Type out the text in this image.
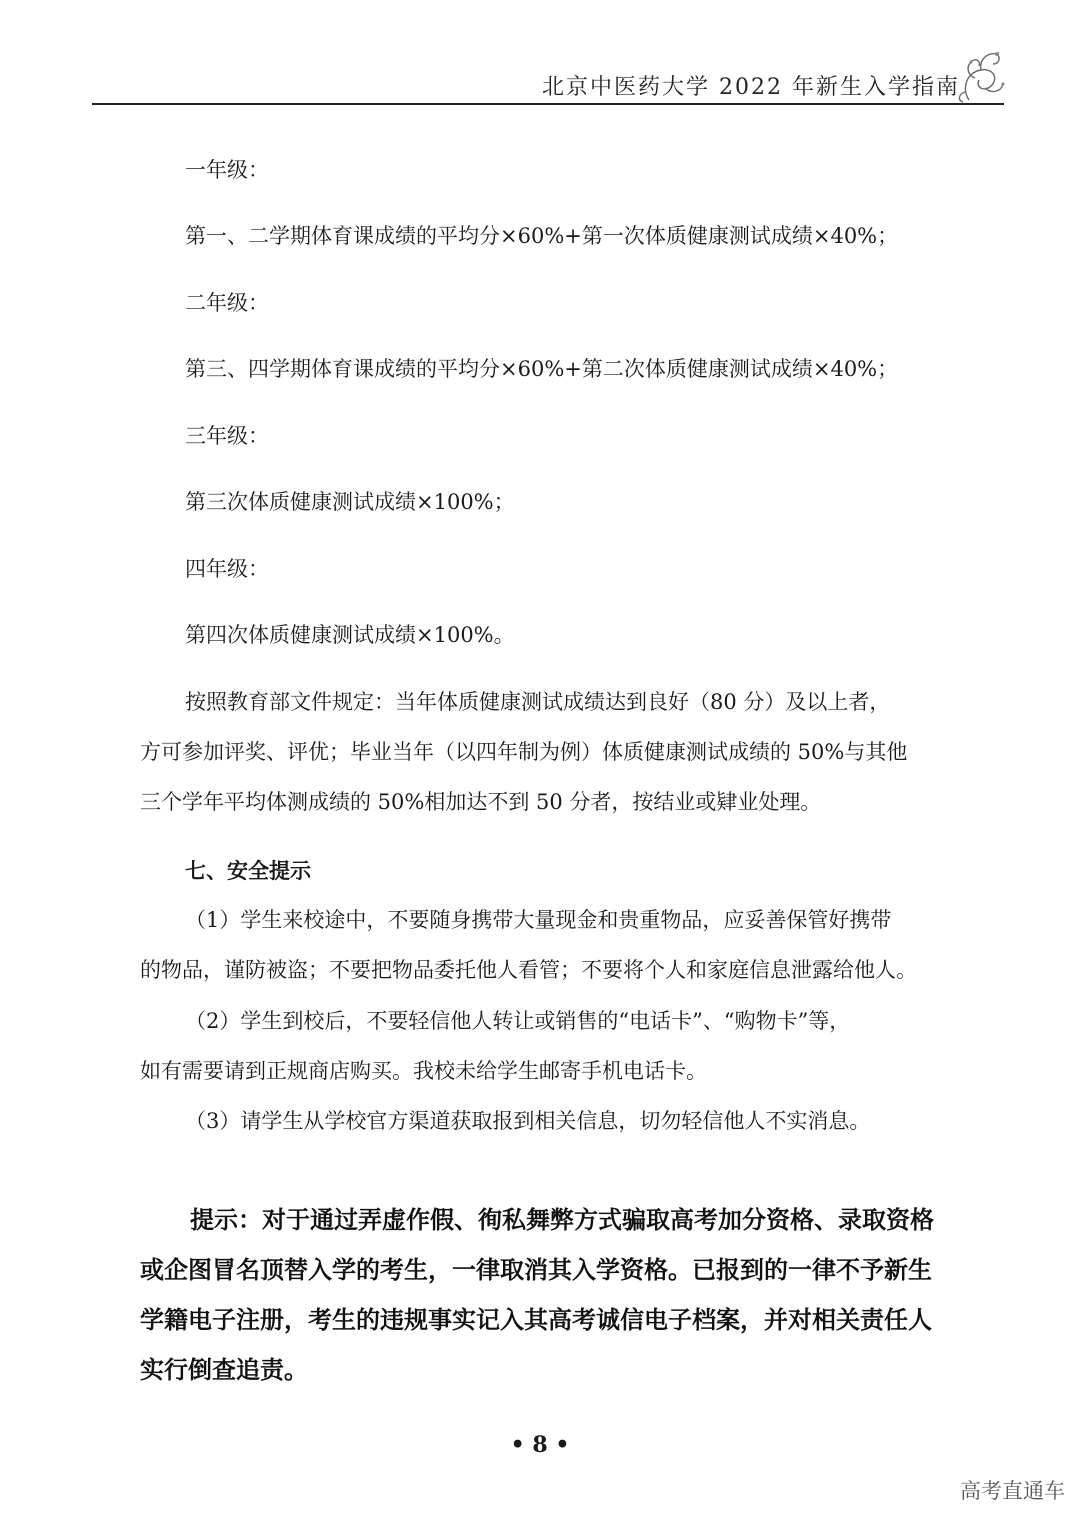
北京中医药大学 2022 年新生入学指南
一年级：
第一、二学期体育课成绩的平均分×60%+第一次体质健康测试成绩×40%；
二年级：
第三、四学期体育课成绩的平均分×60%+第二次体质健康测试成绩×40%；
三年级：
第三次体质健康测试成绩×100%；
四年级：
第四次体质健康测试成绩×100%。
按照教育部文件规定：当年体质健康测试成绩达到良好（80 分）及以上者，
方可参加评奖、评优；毕业当年（以四年制为例）体质健康测试成绩的 50%与其他
三个学年平均体测成绩的 50%相加达不到 50 分者，按结业或肄业处理。
七、安全提示
（1）学生来校途中，不要随身携带大量现金和贵重物品，应妥善保管好携带
的物品，谨防被盗；不要把物品委托他人看管；不要将个人和家庭信息泄露给他人。
（2）学生到校后，不要轻信他人转让或销售的“电话卡”、“购物卡”等，
如有需要请到正规商店购买。我校未给学生邮寄手机电话卡。
（3）请学生从学校官方渠道获取报到相关信息，切勿轻信他人不实消息。
提示：对于通过弄虚作假、徇私舞弊方式骗取高考加分资格、录取资格
或企图冒名顶替入学的考生，一律取消其入学资格。已报到的一律不予新生
学籍电子注册，考生的违规事实记入其高考诚信电子档案，并对相关责任人
实行倒查追责。
• 8 •
高考直通车
